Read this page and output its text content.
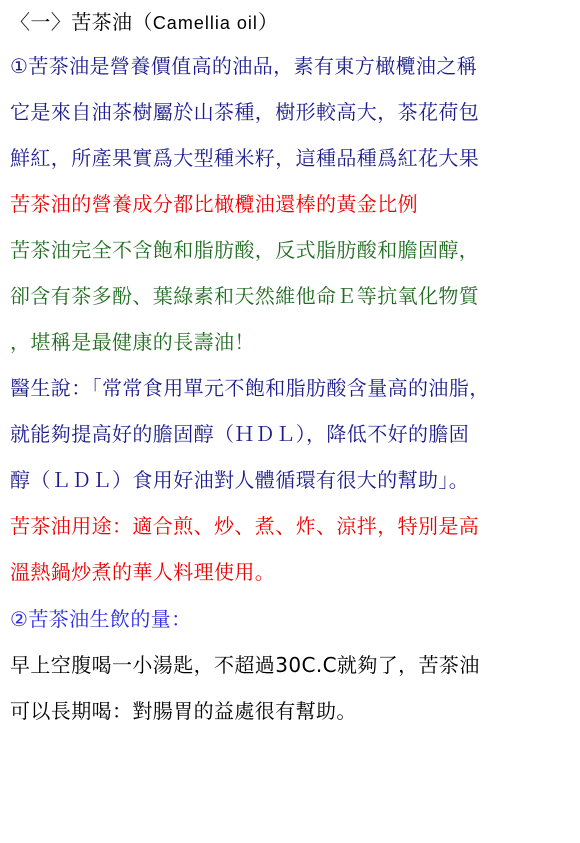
〈一〉苦茶油（Camellia oil）
①苦茶油是營養價值高的油品，素有東方橄欖油之稱
它是來自油茶樹屬於山茶種，樹形較高大，茶花荷包
鮮紅，所產果實爲大型種米籽，這種品種爲紅花大果
苦茶油的營養成分都比橄欖油還棒的黃金比例
苦茶油完全不含飽和脂肪酸，反式脂肪酸和膽固醇，
卻含有茶多酚、葉綠素和天然維他命Ｅ等抗氧化物質
，堪稱是最健康的長壽油！
醫生說：「常常食用單元不飽和脂肪酸含量高的油脂，
就能夠提高好的膽固醇（ＨＤＬ），降低不好的膽固
醇（ＬＤＬ）食用好油對人體循環有很大的幫助」。
苦茶油用途：適合煎、炒、煮、炸、涼拌，特別是高
溫熱鍋炒煮的華人料理使用。
②苦茶油生飲的量：
早上空腹喝一小湯匙，不超過30C.C就夠了，苦茶油
可以長期喝：對腸胃的益處很有幫助。
